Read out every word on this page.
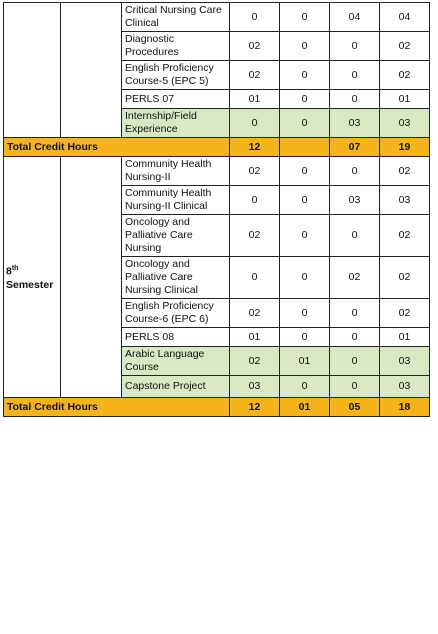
		Critical Nursing Care Clinical	0	0	04	04
		Diagnostic Procedures	02	0	0	02
		English Proficiency Course-5 (EPC 5)	02	0	0	02
		PERLS 07	01	0	0	01
		Internship/Field Experience	0	0	03	03
Total Credit Hours			12		07	19
8th
Semester		Community Health Nursing-II	02	0	0	02
		Community Health Nursing-II Clinical	0	0	03	03
		Oncology and Palliative Care Nursing	02	0	0	02
		Oncology and Palliative Care Nursing Clinical	0	0	02	02
		English Proficiency Course-6 (EPC 6)	02	0	0	02
		PERLS 08	01	0	0	01
		Arabic Language Course	02	01	0	03
		Capstone Project	03	0	0	03
Total Credit Hours			12	01	05	18
